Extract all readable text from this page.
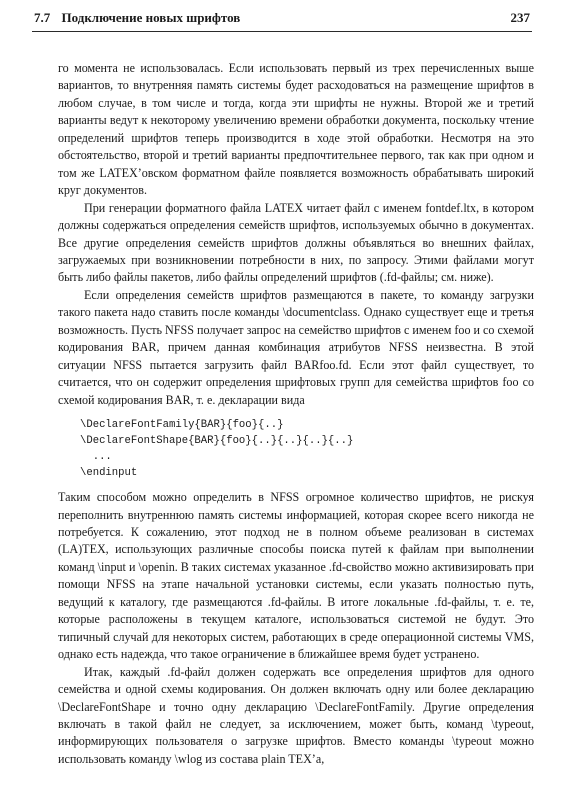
7.7 Подключение новых шрифтов	237

го момента не использовалась. Если использовать первый из трех перечисленных выше вариантов, то внутренняя память системы будет расходоваться на размещение шрифтов в любом случае, в том числе и тогда, когда эти шрифты не нужны. Второй же и третий варианты ведут к некоторому увеличению времени обработки документа, поскольку чтение определений шрифтов теперь производится в ходе этой обработки. Несмотря на это обстоятельство, второй и третий варианты предпочтительнее первого, так как при одном и том же LATEX’овском форматном файле появляется возможность обрабатывать широкий круг документов.

При генерации форматного файла LATEX читает файл с именем fontdef.ltx, в котором должны содержаться определения семейств шрифтов, используемых обычно в документах. Все другие определения семейств шрифтов должны объявляться во внешних файлах, загружаемых при возникновении потребности в них, по запросу. Этими файлами могут быть либо файлы пакетов, либо файлы определений шрифтов (.fd-файлы; см. ниже).

Если определения семейств шрифтов размещаются в пакете, то команду загрузки такого пакета надо ставить после команды \documentclass. Однако существует еще и третья возможность. Пусть NFSS получает запрос на семейство шрифтов с именем foo и со схемой кодирования BAR, причем данная комбинация атрибутов NFSS неизвестна. В этой ситуации NFSS пытается загрузить файл BARfoo.fd. Если этот файл существует, то считается, что он содержит определения шрифтовых групп для семейства шрифтов foo со схемой кодирования BAR, т. е. декларации вида

\DeclareFontFamily{BAR}{foo}{..}
\DeclareFontShape{BAR}{foo}{..}{..}{..}{..}
...
\endinput

Таким способом можно определить в NFSS огромное количество шрифтов, не рискуя переполнить внутреннюю память системы информацией, которая скорее всего никогда не потребуется. К сожалению, этот подход не в полном объеме реализован в системах (LA)TEX, использующих различные способы поиска путей к файлам при выполнении команд \input и \openin. В таких системах указанное .fd-свойство можно активизировать при помощи NFSS на этапе начальной установки системы, если указать полностью путь, ведущий к каталогу, где размещаются .fd-файлы. В итоге локальные .fd-файлы, т. е. те, которые расположены в текущем каталоге, использоваться системой не будут. Это типичный случай для некоторых систем, работающих в среде операционной системы VMS, однако есть надежда, что такое ограничение в ближайшее время будет устранено.

Итак, каждый .fd-файл должен содержать все определения шрифтов для одного семейства и одной схемы кодирования. Он должен включать одну или более декларацию \DeclareFontShape и точно одну декларацию \DeclareFontFamily. Другие определения включать в такой файл не следует, за исключением, может быть, команд \typeout, информирующих пользователя о загрузке шрифтов. Вместо команды \typeout можно использовать команду \wlog из состава plain TEX’a,
